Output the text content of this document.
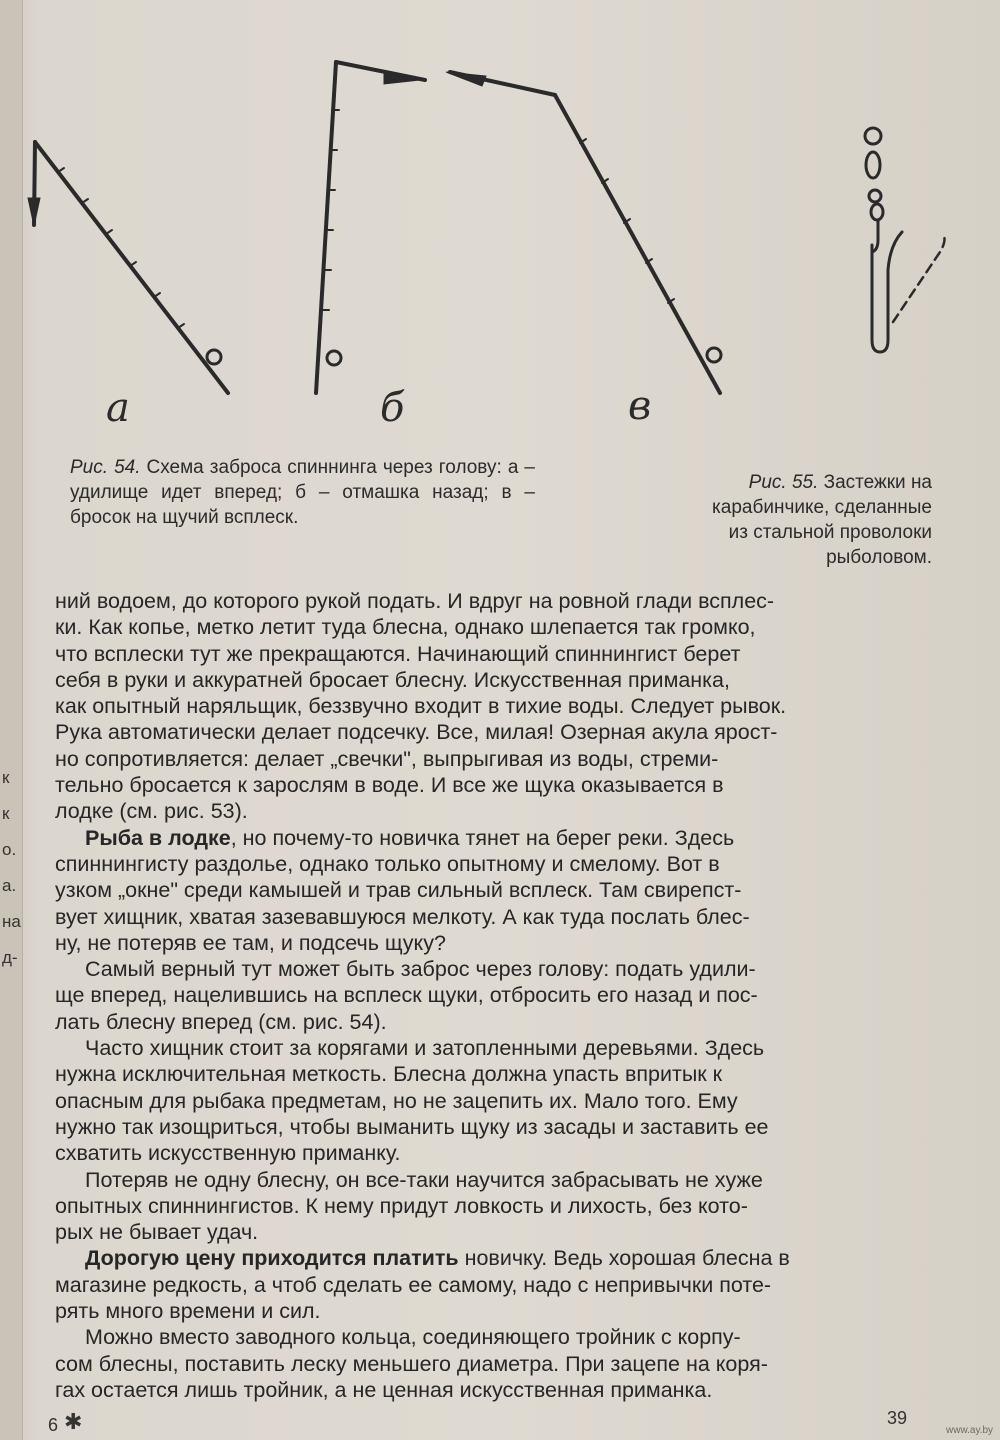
к
к
о.
а.
на
д-
а	б	в
Рис. 54. Схема заброса спиннинга через голову: а – удилище идет вперед; б – отмашка назад; в – бросок на щучий всплеск.
Рис. 55. Застежки на карабинчике, сделанные из стальной проволоки рыболовом.
ний водоем, до которого рукой подать. И вдруг на ровной глади всплес-
ки. Как копье, метко летит туда блесна, однако шлепается так громко,
что всплески тут же прекращаются. Начинающий спиннингист берет
себя в руки и аккуратней бросает блесну. Искусственная приманка,
как опытный наряльщик, беззвучно входит в тихие воды. Следует рывок.
Рука автоматически делает подсечку. Все, милая! Озерная акула ярост-
но сопротивляется: делает „свечки", выпрыгивая из воды, стреми-
тельно бросается к зарослям в воде. И все же щука оказывается в
лодке (см. рис. 53).
Рыба в лодке, но почему-то новичка тянет на берег реки. Здесь
спиннингисту раздолье, однако только опытному и смелому. Вот в
узком „окне" среди камышей и трав сильный всплеск. Там свирепст-
вует хищник, хватая зазевавшуюся мелкоту. А как туда послать блес-
ну, не потеряв ее там, и подсечь щуку?
Самый верный тут может быть заброс через голову: подать удили-
ще вперед, нацелившись на всплеск щуки, отбросить его назад и пос-
лать блесну вперед (см. рис. 54).
Часто хищник стоит за корягами и затопленными деревьями. Здесь
нужна исключительная меткость. Блесна должна упасть впритык к
опасным для рыбака предметам, но не зацепить их. Мало того. Ему
нужно так изощриться, чтобы выманить щуку из засады и заставить ее
схватить искусственную приманку.
Потеряв не одну блесну, он все-таки научится забрасывать не хуже
опытных спиннингистов. К нему придут ловкость и лихость, без кото-
рых не бывает удач.
Дорогую цену приходится платить новичку. Ведь хорошая блесна в
магазине редкость, а чтоб сделать ее самому, надо с непривычки поте-
рять много времени и сил.
Можно вместо заводного кольца, соединяющего тройник с корпу-
сом блесны, поставить леску меньшего диаметра. При зацепе на коря-
гах остается лишь тройник, а не ценная искусственная приманка.
6 ✱	39
www.ay.by
